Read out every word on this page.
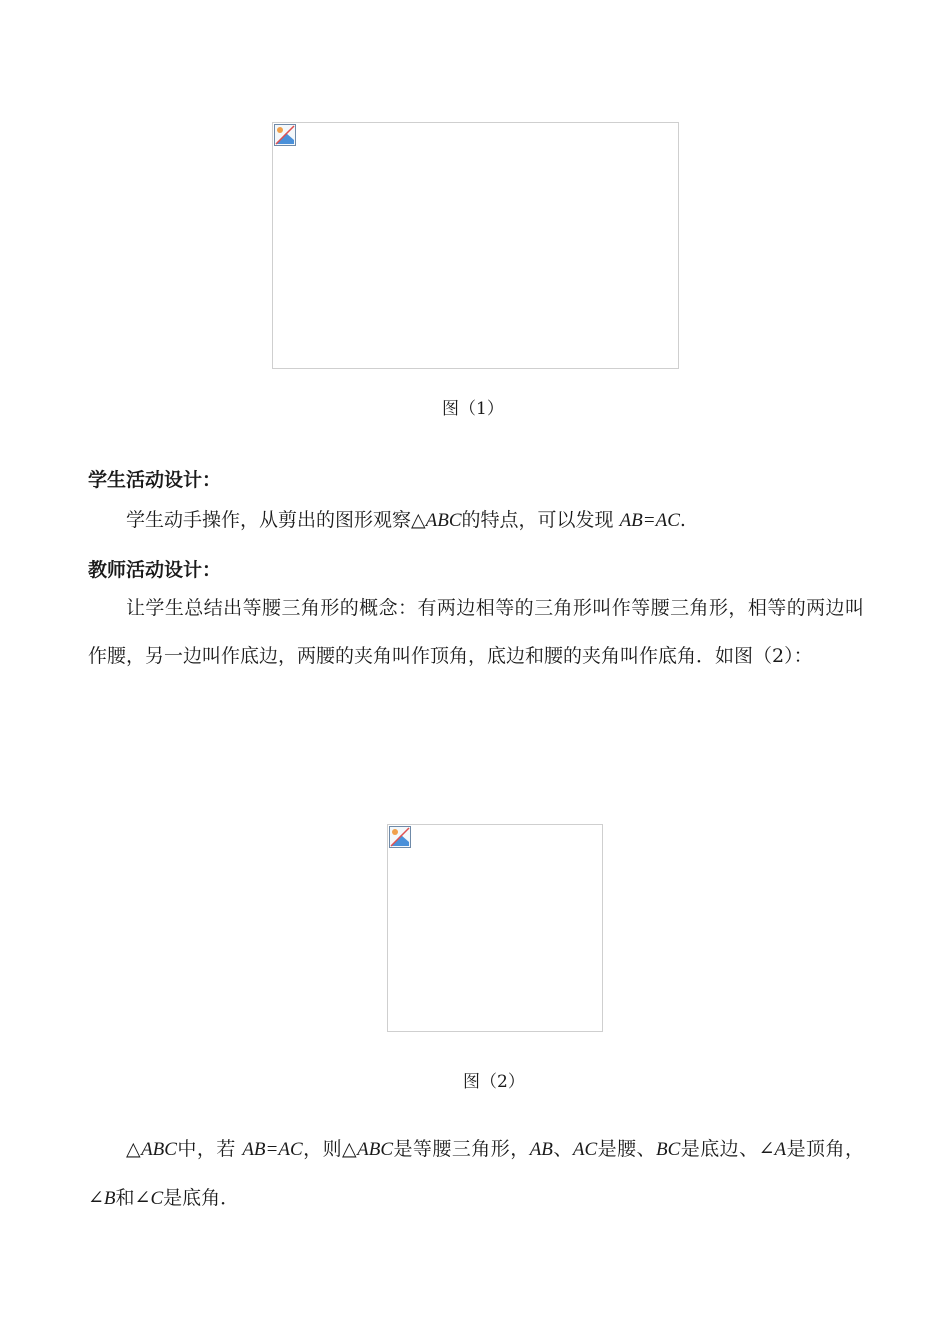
图（1）
学生活动设计：

学生动手操作，从剪出的图形观察△ABC的特点，可以发现 AB=AC.

教师活动设计：

让学生总结出等腰三角形的概念：有两边相等的三角形叫作等腰三角形，相等的两边叫作腰，另一边叫作底边，两腰的夹角叫作顶角，底边和腰的夹角叫作底角．如图（2）：

图（2）

△ABC中，若 AB=AC，则△ABC是等腰三角形，AB、AC是腰、BC是底边、∠A是顶角，∠B和∠C是底角．
